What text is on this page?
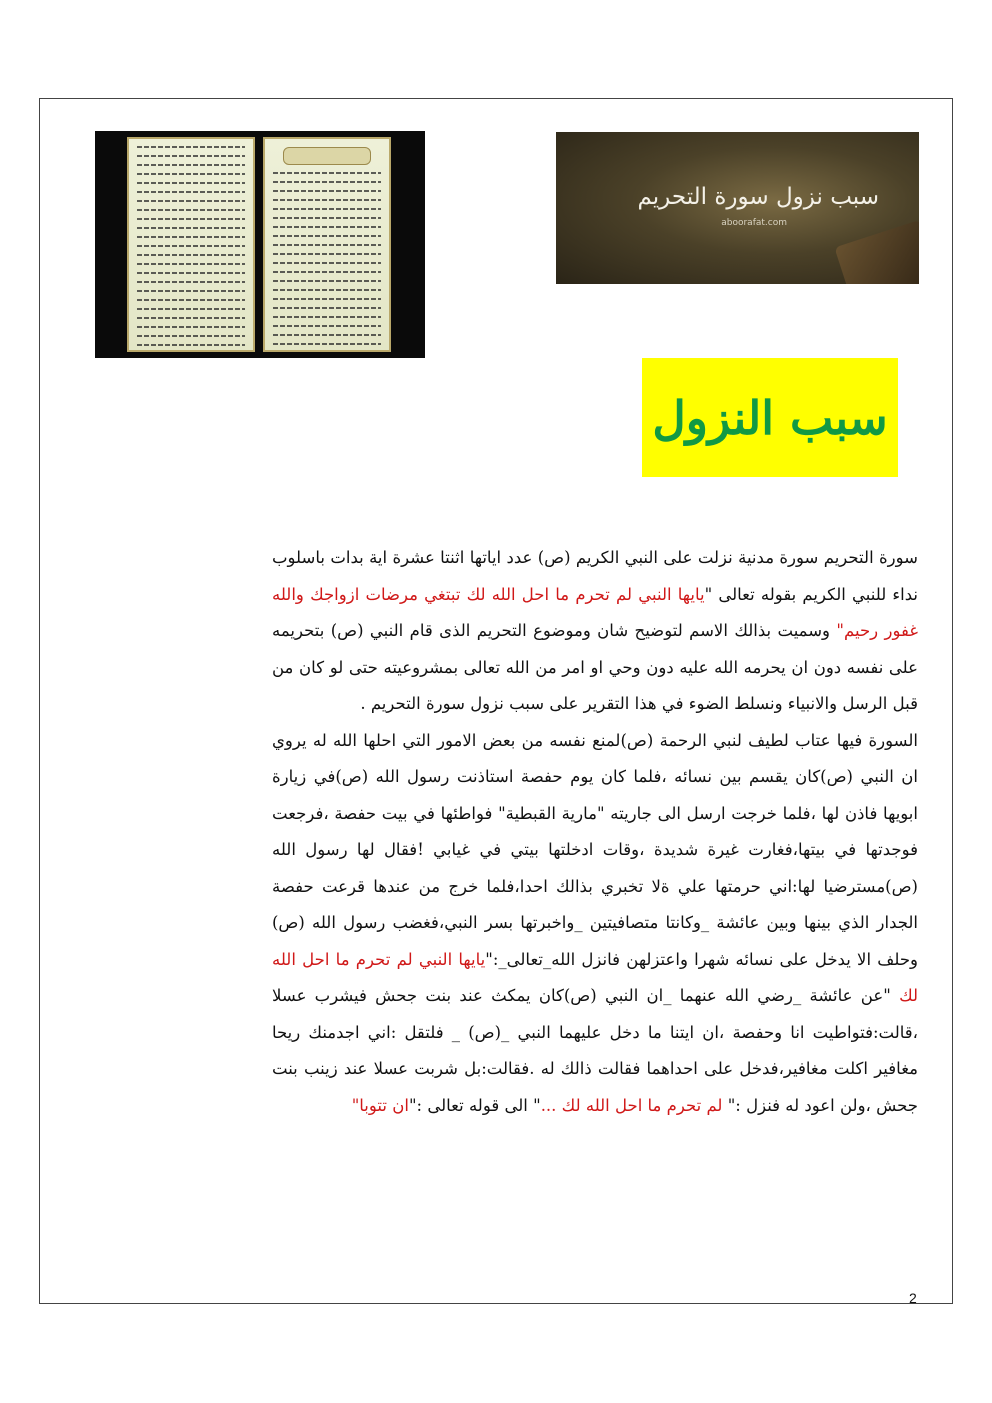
سبب نزول سورة التحريم
aboorafat.com
سبب النزول

سورة التحريم سورة مدنية نزلت على النبي الكريم (ص) عدد اياتها اثنتا عشرة اية بدات باسلوب نداء للنبي الكريم بقوله تعالى "يايها النبي لم تحرم ما احل الله لك تبتغي مرضات ازواجك والله غفور رحيم" وسميت بذالك الاسم لتوضيح شان وموضوع التحريم الذى قام النبي (ص) بتحريمه على نفسه دون ان يحرمه الله عليه دون وحي او امر من الله تعالى بمشروعيته حتى لو كان من قبل الرسل والانبياء ونسلط الضوء في هذا التقرير على سبب نزول سورة التحريم .

السورة فيها عتاب لطيف لنبي الرحمة (ص)لمنع نفسه من بعض الامور التي احلها الله له يروي ان النبي (ص)كان يقسم بين نسائه ،فلما كان يوم حفصة استاذنت رسول الله (ص)في زيارة ابويها فاذن لها ،فلما خرجت ارسل الى جاريته "مارية القبطية" فواطئها في بيت حفصة ،فرجعت فوجدتها في بيتها،فغارت غيرة شديدة ،وقات ادخلتها بيتي في غيابي !فقال لها رسول الله (ص)مسترضيا لها:اني حرمتها علي ةلا تخبري بذالك احدا،فلما خرج من عندها قرعت حفصة الجدار الذي بينها وبين عائشة _وكانتا متصافيتين _واخبرتها بسر النبي،فغضب رسول الله (ص) وحلف الا يدخل على نسائه شهرا واعتزلهن فانزل الله_تعالى_:"يايها النبي لم تحرم ما احل الله لك "عن عائشة _رضي الله عنهما _ان النبي (ص)كان يمكث عند بنت جحش فيشرب عسلا ،قالت:فتواطيت انا وحفصة ،ان ايتنا ما دخل عليهما النبي _(ص) _ فلتقل :اني اجدمنك ريحا مغافير اكلت مغافير،فدخل على احداهما فقالت ذالك له .فقالت:بل شربت عسلا عند زينب بنت جحش ،ولن اعود له فنزل :" لم تحرم ما احل الله لك ..." الى قوله تعالى :"ان تتوبا"

2
